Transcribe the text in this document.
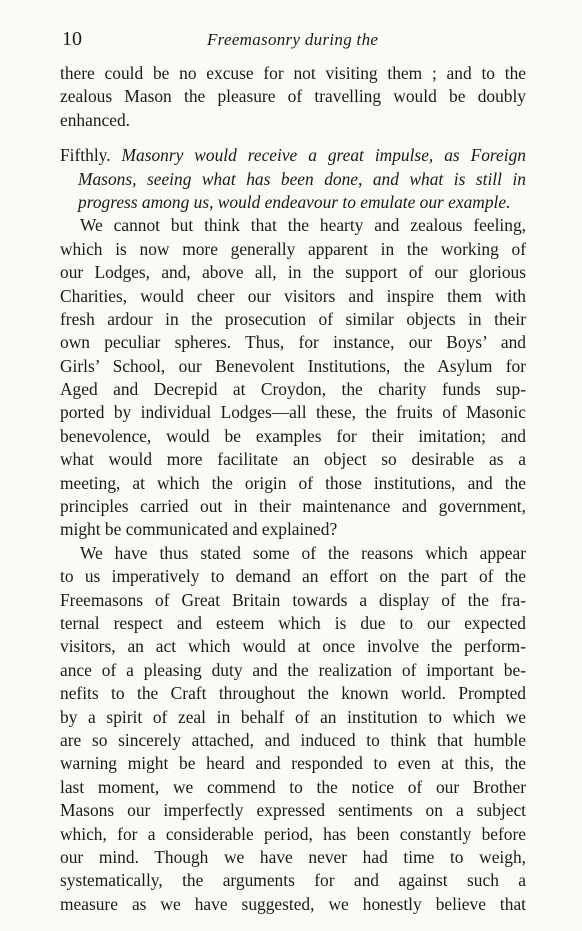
10	Freemasonry during the
there could be no excuse for not visiting them ; and to the
zealous Mason the pleasure of travelling would be doubly
enhanced.
Fifthly. Masonry would receive a great impulse, as Foreign
Masons, seeing what has been done, and what is still in
progress among us, would endeavour to emulate our example.
We cannot but think that the hearty and zealous feeling,
which is now more generally apparent in the working of
our Lodges, and, above all, in the support of our glorious
Charities, would cheer our visitors and inspire them with
fresh ardour in the prosecution of similar objects in their
own peculiar spheres. Thus, for instance, our Boys’ and
Girls’ School, our Benevolent Institutions, the Asylum for
Aged and Decrepid at Croydon, the charity funds sup-
ported by individual Lodges—all these, the fruits of Masonic
benevolence, would be examples for their imitation; and
what would more facilitate an object so desirable as a
meeting, at which the origin of those institutions, and the
principles carried out in their maintenance and government,
might be communicated and explained?
We have thus stated some of the reasons which appear
to us imperatively to demand an effort on the part of the
Freemasons of Great Britain towards a display of the fra-
ternal respect and esteem which is due to our expected
visitors, an act which would at once involve the perform-
ance of a pleasing duty and the realization of important be-
nefits to the Craft throughout the known world. Prompted
by a spirit of zeal in behalf of an institution to which we
are so sincerely attached, and induced to think that humble
warning might be heard and responded to even at this, the
last moment, we commend to the notice of our Brother
Masons our imperfectly expressed sentiments on a subject
which, for a considerable period, has been constantly before
our mind. Though we have never had time to weigh,
systematically, the arguments for and against such a
measure as we have suggested, we honestly believe that
